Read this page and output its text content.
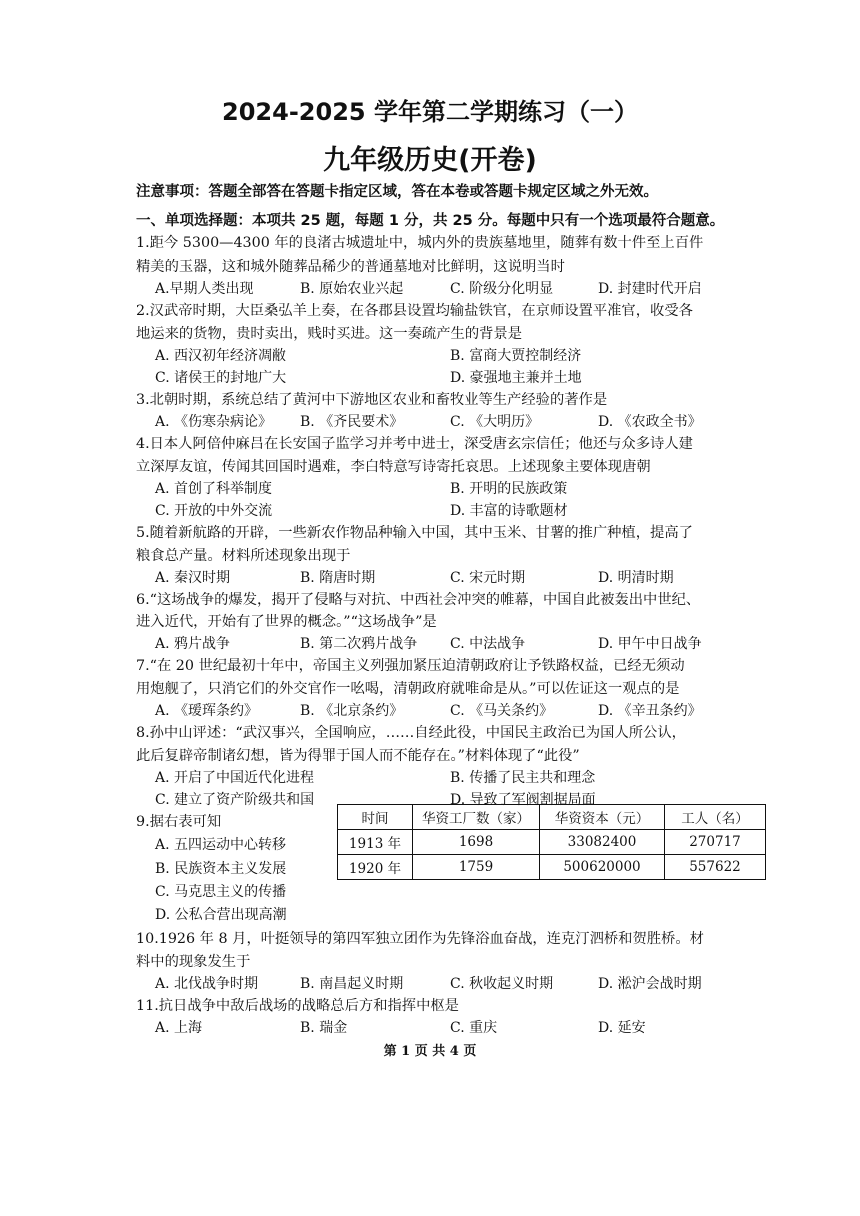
2024-2025 学年第二学期练习（一）
九年级历史(开卷)
注意事项：答题全部答在答题卡指定区域，答在本卷或答题卡规定区域之外无效。
一、单项选择题：本项共 25 题，每题 1 分，共 25 分。每题中只有一个选项最符合题意。
1.距今 5300—4300 年的良渚古城遗址中，城内外的贵族墓地里，随葬有数十件至上百件
精美的玉器，这和城外随葬品稀少的普通墓地对比鲜明，这说明当时
A.早期人类出现	B. 原始农业兴起	C. 阶级分化明显	D. 封建时代开启
2.汉武帝时期，大臣桑弘羊上奏，在各郡县设置均输盐铁官，在京师设置平准官，收受各
地运来的货物，贵时卖出，贱时买进。这一奏疏产生的背景是
A. 西汉初年经济凋敝	B. 富商大贾控制经济
C. 诸侯王的封地广大	D. 豪强地主兼并土地
3.北朝时期，系统总结了黄河中下游地区农业和畜牧业等生产经验的著作是
A. 《伤寒杂病论》 B. 《齐民要术》	C. 《大明历》	D. 《农政全书》
4.日本人阿倍仲麻吕在长安国子监学习并考中进士，深受唐玄宗信任；他还与众多诗人建
立深厚友谊，传闻其回国时遇难，李白特意写诗寄托哀思。上述现象主要体现唐朝
A. 首创了科举制度	B. 开明的民族政策
C. 开放的中外交流	D. 丰富的诗歌题材
5.随着新航路的开辟，一些新农作物品种输入中国，其中玉米、甘薯的推广种植，提高了
粮食总产量。材料所述现象出现于
A. 秦汉时期	B. 隋唐时期	C. 宋元时期	D. 明清时期
6.“这场战争的爆发，揭开了侵略与对抗、中西社会冲突的帷幕，中国自此被轰出中世纪、
进入近代，开始有了世界的概念。”“这场战争”是
A. 鸦片战争	B. 第二次鸦片战争 C. 中法战争	D. 甲午中日战争
7.“在 20 世纪最初十年中，帝国主义列强加紧压迫清朝政府让予铁路权益，已经无须动
用炮舰了，只消它们的外交官作一吆喝，清朝政府就唯命是从。”可以佐证这一观点的是
A. 《瑷珲条约》	B. 《北京条约》	C. 《马关条约》	D. 《辛丑条约》
8.孙中山评述：“武汉事兴，全国响应，……自经此役，中国民主政治已为国人所公认，
此后复辟帝制诸幻想，皆为得罪于国人而不能存在。”材料体现了“此役”
A. 开启了中国近代化进程	B. 传播了民主共和理念
C. 建立了资产阶级共和国	D. 导致了军阀割据局面
9.据右表可知
A. 五四运动中心转移
B. 民族资本主义发展
C. 马克思主义的传播
D. 公私合营出现高潮
时间	华资工厂数（家）	华资资本（元）	工人（名）
1913 年	1698	33082400	270717
1920 年	1759	500620000	557622
10.1926 年 8 月，叶挺领导的第四军独立团作为先锋浴血奋战，连克汀泗桥和贺胜桥。材
料中的现象发生于
A. 北伐战争时期	B. 南昌起义时期	C. 秋收起义时期	D. 淞沪会战时期
11.抗日战争中敌后战场的战略总后方和指挥中枢是
A. 上海	B. 瑞金	C. 重庆	D. 延安
第 1 页 共 4 页
